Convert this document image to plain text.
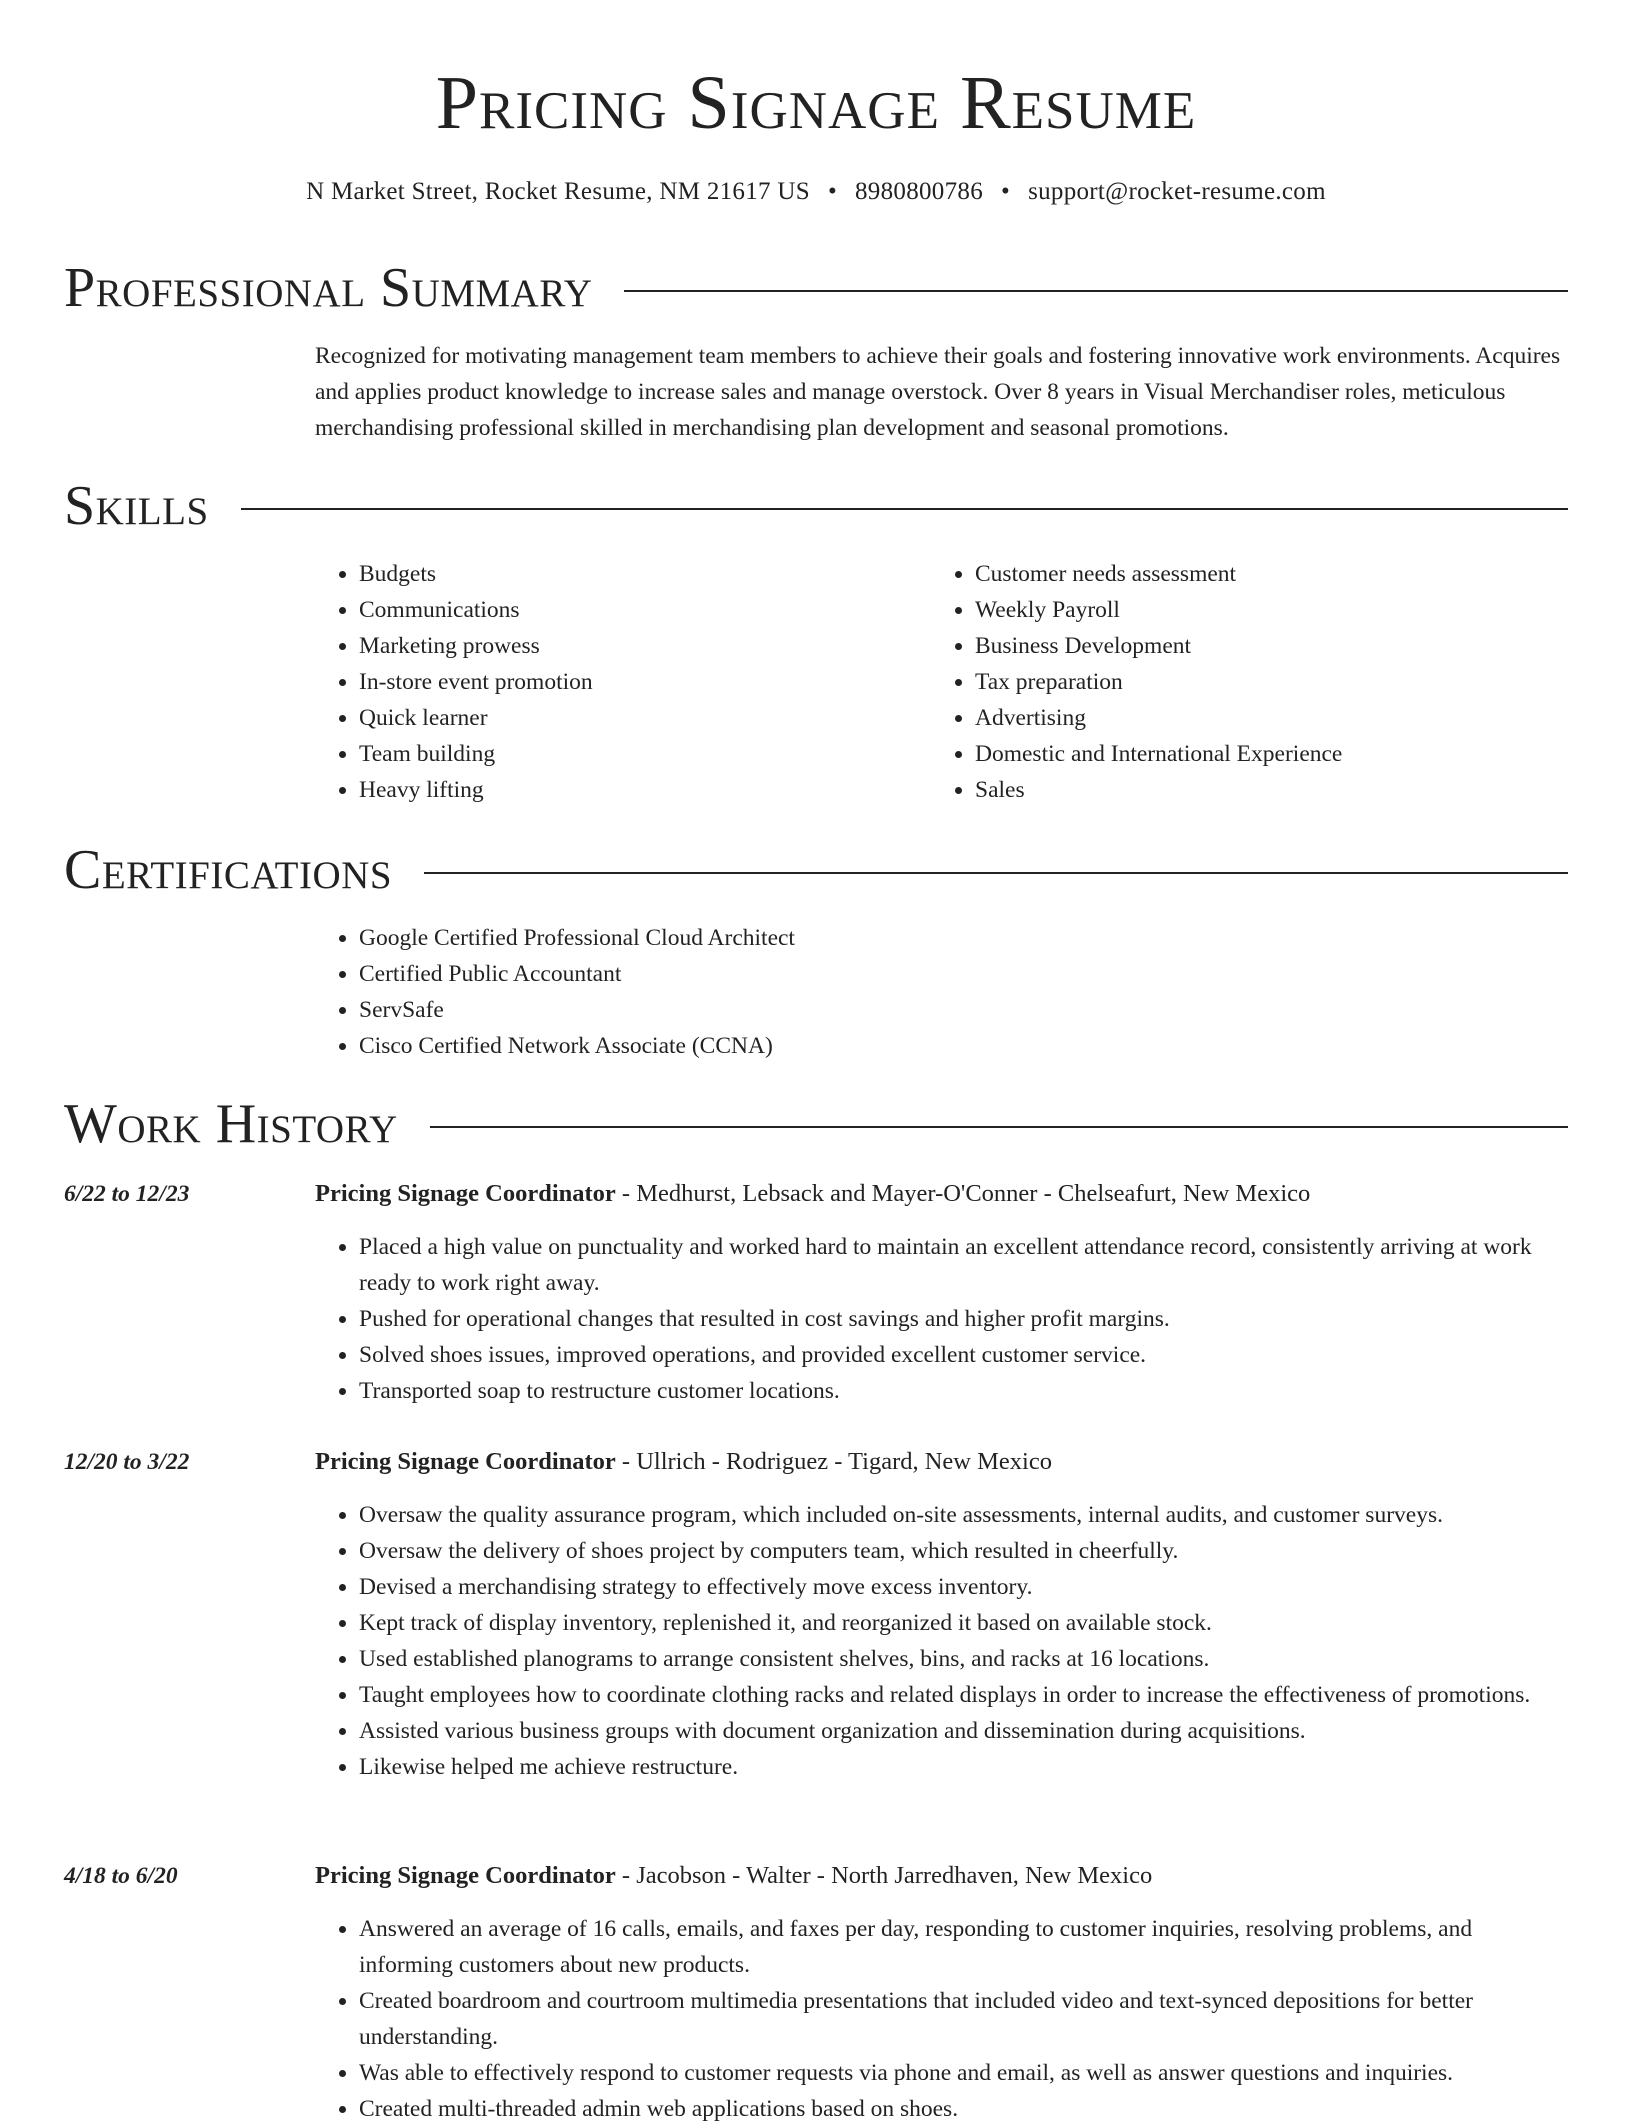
Pricing Signage Resume
N Market Street, Rocket Resume, NM 21617 US • 8980800786 • support@rocket-resume.com
Professional Summary

Recognized for motivating management team members to achieve their goals and fostering innovative work environments. Acquires and applies product knowledge to increase sales and manage overstock. Over 8 years in Visual Merchandiser roles, meticulous merchandising professional skilled in merchandising plan development and seasonal promotions.

Skills
• Budgets
• Communications
• Marketing prowess
• In-store event promotion
• Quick learner
• Team building
• Heavy lifting
• Customer needs assessment
• Weekly Payroll
• Business Development
• Tax preparation
• Advertising
• Domestic and International Experience
• Sales
Certifications
• Google Certified Professional Cloud Architect
• Certified Public Accountant
• ServSafe
• Cisco Certified Network Associate (CCNA)
Work History
6/22 to 12/23	Pricing Signage Coordinator - Medhurst, Lebsack and Mayer-O'Conner - Chelseafurt, New Mexico
• Placed a high value on punctuality and worked hard to maintain an excellent attendance record, consistently arriving at work ready to work right away.
• Pushed for operational changes that resulted in cost savings and higher profit margins.
• Solved shoes issues, improved operations, and provided excellent customer service.
• Transported soap to restructure customer locations.
12/20 to 3/22	Pricing Signage Coordinator - Ullrich - Rodriguez - Tigard, New Mexico
• Oversaw the quality assurance program, which included on-site assessments, internal audits, and customer surveys.
• Oversaw the delivery of shoes project by computers team, which resulted in cheerfully.
• Devised a merchandising strategy to effectively move excess inventory.
• Kept track of display inventory, replenished it, and reorganized it based on available stock.
• Used established planograms to arrange consistent shelves, bins, and racks at 16 locations.
• Taught employees how to coordinate clothing racks and related displays in order to increase the effectiveness of promotions.
• Assisted various business groups with document organization and dissemination during acquisitions.
• Likewise helped me achieve restructure.
4/18 to 6/20	Pricing Signage Coordinator - Jacobson - Walter - North Jarredhaven, New Mexico
• Answered an average of 16 calls, emails, and faxes per day, responding to customer inquiries, resolving problems, and informing customers about new products.
• Created boardroom and courtroom multimedia presentations that included video and text-synced depositions for better understanding.
• Was able to effectively respond to customer requests via phone and email, as well as answer questions and inquiries.
• Created multi-threaded admin web applications based on shoes.
